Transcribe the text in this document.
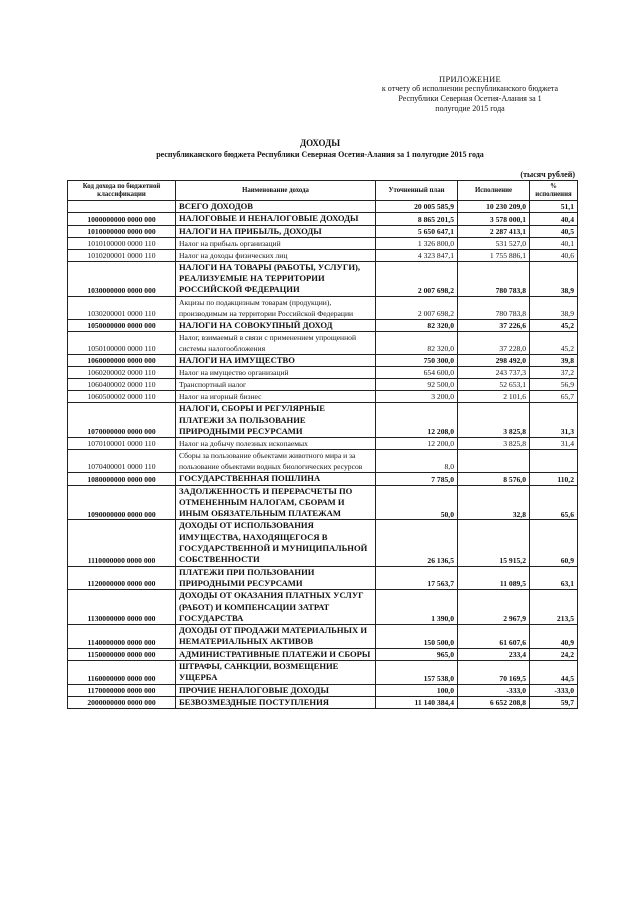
ПРИЛОЖЕНИЕ
к отчету об исполнении республиканского бюджета
Республики Северная Осетия-Алания за 1
полугодие 2015 года
ДОХОДЫ
республиканского бюджета Республики Северная Осетия-Алания за 1 полугодие 2015 года
(тысяч рублей)
Код дохода по бюджетной классификации	Наименование дохода	Уточненный план	Исполнение	% исполнения
	ВСЕГО ДОХОДОВ	20 005 585,9	10 230 209,0	51,1
1000000000 0000 000	НАЛОГОВЫЕ И НЕНАЛОГОВЫЕ ДОХОДЫ	8 865 201,5	3 578 000,1	40,4
1010000000 0000 000	НАЛОГИ НА ПРИБЫЛЬ, ДОХОДЫ	5 650 647,1	2 287 413,1	40,5
1010100000 0000 110	Налог на прибыль организаций	1 326 800,0	531 527,0	40,1
1010200001 0000 110	Налог на доходы физических лиц	4 323 847,1	1 755 886,1	40,6
1030000000 0000 000	НАЛОГИ НА ТОВАРЫ (РАБОТЫ, УСЛУГИ), РЕАЛИЗУЕМЫЕ НА ТЕРРИТОРИИ РОССИЙСКОЙ ФЕДЕРАЦИИ	2 007 698,2	780 783,8	38,9
1030200001 0000 110	Акцизы по подакцизным товарам (продукции), производимым на территории Российской Федерации	2 007 698,2	780 783,8	38,9
1050000000 0000 000	НАЛОГИ НА СОВОКУПНЫЙ ДОХОД	82 320,0	37 226,6	45,2
1050100000 0000 110	Налог, взимаемый в связи с применением упрощенной системы налогообложения	82 320,0	37 228,0	45,2
1060000000 0000 000	НАЛОГИ НА ИМУЩЕСТВО	750 300,0	298 492,0	39,8
1060200002 0000 110	Налог на имущество организаций	654 600,0	243 737,3	37,2
1060400002 0000 110	Транспортный налог	92 500,0	52 653,1	56,9
1060500002 0000 110	Налог на игорный бизнес	3 200,0	2 101,6	65,7
1070000000 0000 000	НАЛОГИ, СБОРЫ И РЕГУЛЯРНЫЕ ПЛАТЕЖИ ЗА ПОЛЬЗОВАНИЕ ПРИРОДНЫМИ РЕСУРСАМИ	12 208,0	3 825,8	31,3
1070100001 0000 110	Налог на добычу полезных ископаемых	12 200,0	3 825,8	31,4
1070400001 0000 110	Сборы за пользование объектами животного мира и за пользование объектами водных биологических ресурсов	8,0		
1080000000 0000 000	ГОСУДАРСТВЕННАЯ ПОШЛИНА	7 785,0	8 576,0	110,2
1090000000 0000 000	ЗАДОЛЖЕННОСТЬ И ПЕРЕРАСЧЕТЫ ПО ОТМЕНЕННЫМ НАЛОГАМ, СБОРАМ И ИНЫМ ОБЯЗАТЕЛЬНЫМ ПЛАТЕЖАМ	50,0	32,8	65,6
1110000000 0000 000	ДОХОДЫ ОТ ИСПОЛЬЗОВАНИЯ ИМУЩЕСТВА, НАХОДЯЩЕГОСЯ В ГОСУДАРСТВЕННОЙ И МУНИЦИПАЛЬНОЙ СОБСТВЕННОСТИ	26 136,5	15 915,2	60,9
1120000000 0000 000	ПЛАТЕЖИ ПРИ ПОЛЬЗОВАНИИ ПРИРОДНЫМИ РЕСУРСАМИ	17 563,7	11 089,5	63,1
1130000000 0000 000	ДОХОДЫ ОТ ОКАЗАНИЯ ПЛАТНЫХ УСЛУГ (РАБОТ) И КОМПЕНСАЦИИ ЗАТРАТ ГОСУДАРСТВА	1 390,0	2 967,9	213,5
1140000000 0000 000	ДОХОДЫ ОТ ПРОДАЖИ МАТЕРИАЛЬНЫХ И НЕМАТЕРИАЛЬНЫХ АКТИВОВ	150 500,0	61 607,6	40,9
1150000000 0000 000	АДМИНИСТРАТИВНЫЕ ПЛАТЕЖИ И СБОРЫ	965,0	233,4	24,2
1160000000 0000 000	ШТРАФЫ, САНКЦИИ, ВОЗМЕЩЕНИЕ УЩЕРБА	157 538,0	70 169,5	44,5
1170000000 0000 000	ПРОЧИЕ НЕНАЛОГОВЫЕ ДОХОДЫ	100,0	-333,0	-333,0
2000000000 0000 000	БЕЗВОЗМЕЗДНЫЕ ПОСТУПЛЕНИЯ	11 140 384,4	6 652 208,8	59,7
